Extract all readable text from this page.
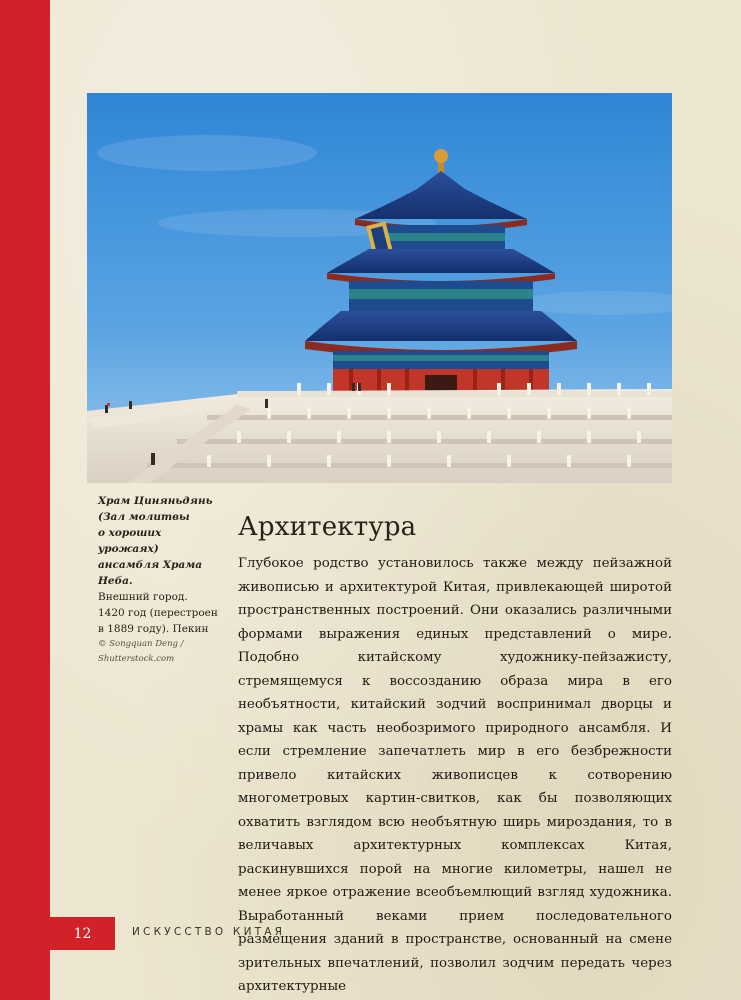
Храм Циняньдянь
(Зал молитвы
о хороших урожаях)
ансамбля Храма Неба.
Внешний город.
1420 год (перестроен
в 1889 году). Пекин
© Songquan Deng /
Shutterstock.com
Архитектура

Глубокое родство установилось также между пейзажной живописью и архитектурой Китая, привлекающей широтой пространственных построений. Они оказались различными формами выражения единых представлений о мире. Подобно китайскому художнику-пейзажисту, стремящемуся к воссозданию образа мира в его необъятности, китайский зодчий воспринимал дворцы и храмы как часть необозримого природного ансамбля. И если стремление запечатлеть мир в его безбрежности привело китайских живописцев к сотворению многометровых картин-свитков, как бы позволяющих охватить взглядом всю необъятную ширь мироздания, то в величавых архитектурных комплексах Китая, раскинувшихся порой на многие километры, нашел не менее яркое отражение всеобъемлющий взгляд художника. Выработанный веками прием последовательного размещения зданий в пространстве, основанный на смене зрительных впечатлений, позволил зодчим передать через архитектурные

12	ИСКУССТВО КИТАЯ
